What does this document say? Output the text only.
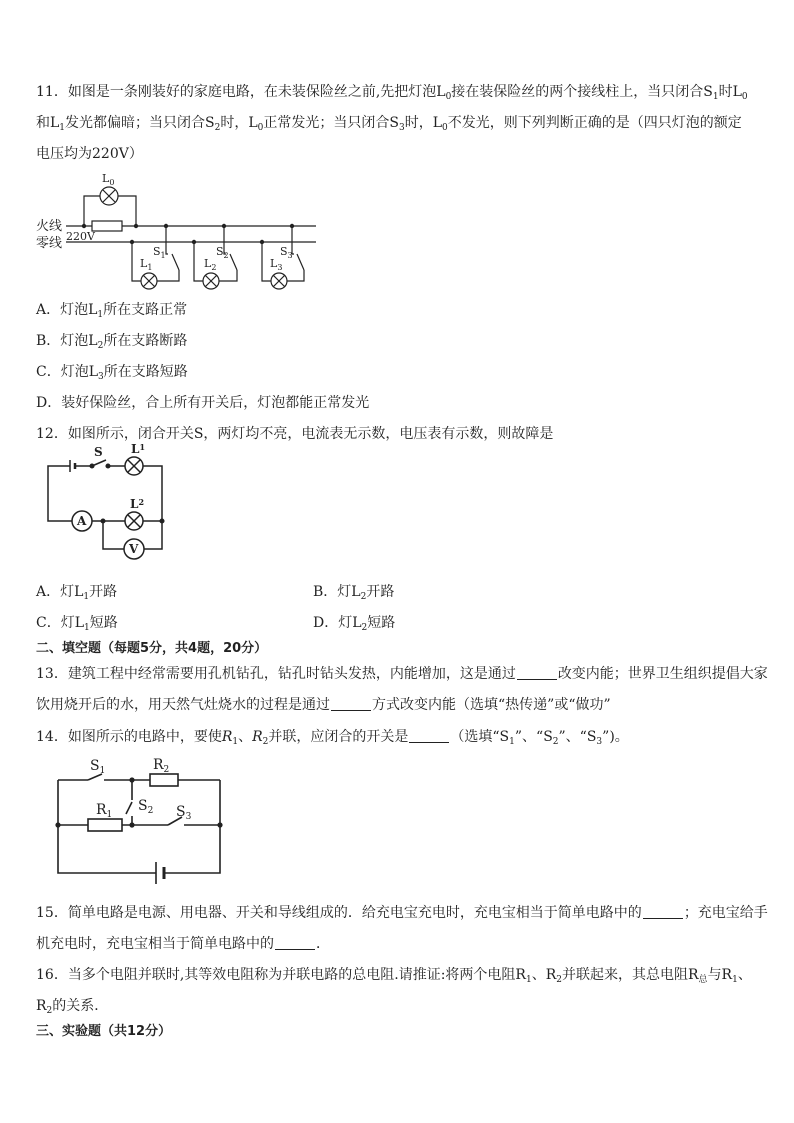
11．如图是一条刚装好的家庭电路，在未装保险丝之前,先把灯泡$L_0$接在装保险丝的两个接线柱上，当只闭合$S_1$时$L_0$
和$L_1$发光都偏暗；当只闭合$S_2$时，$L_0$正常发光；当只闭合$S_3$时，$L_0$不发光，则下列判断正确的是（四只灯泡的额定
电压均为220V）
火线
零线 220V
$L_0$
$L_1$
$S_1$
$L_2$
$S_2$
$L_3$
$S_3$
A．灯泡$L_1$所在支路正常
B．灯泡$L_2$所在支路断路
C．灯泡$L_3$所在支路短路
D．装好保险丝，合上所有开关后，灯泡都能正常发光
12．如图所示，闭合开关S，两灯均不亮，电流表无示数，电压表有示数，则故障是
A
V
S $L^1$
$L^2$
A．灯$L_1$开路	B．灯$L_2$开路
C．灯$L_1$短路	D．灯$L_2$短路
二、填空题（每题5分，共4题，20分）
13．建筑工程中经常需要用孔机钻孔，钻孔时钻头发热，内能增加，这是通过	改变内能；世界卫生组织提倡大家
饮用烧开后的水，用天然气灶烧水的过程是通过	方式改变内能（选填“热传递”或“做功”
14．如图所示的电路中，要使$R_1$、$R_2$并联，应闭合的开关是	（选填“$S_1$”、“$S_2$”、“$S_3$”)。
$S_1$	$R_2$
$R_1$
$S_2$ $S_3$
15．简单电路是电源、用电器、开关和导线组成的．给充电宝充电时，充电宝相当于简单电路中的	；充电宝给手
机充电时，充电宝相当于简单电路中的	．
16．当多个电阻并联时,其等效电阻称为并联电路的总电阻.请推证:将两个电阻$R_1$、$R_2$并联起来，其总电阻$R_总$与$R_1$、
$R_2$的关系．
三、实验题（共12分）
